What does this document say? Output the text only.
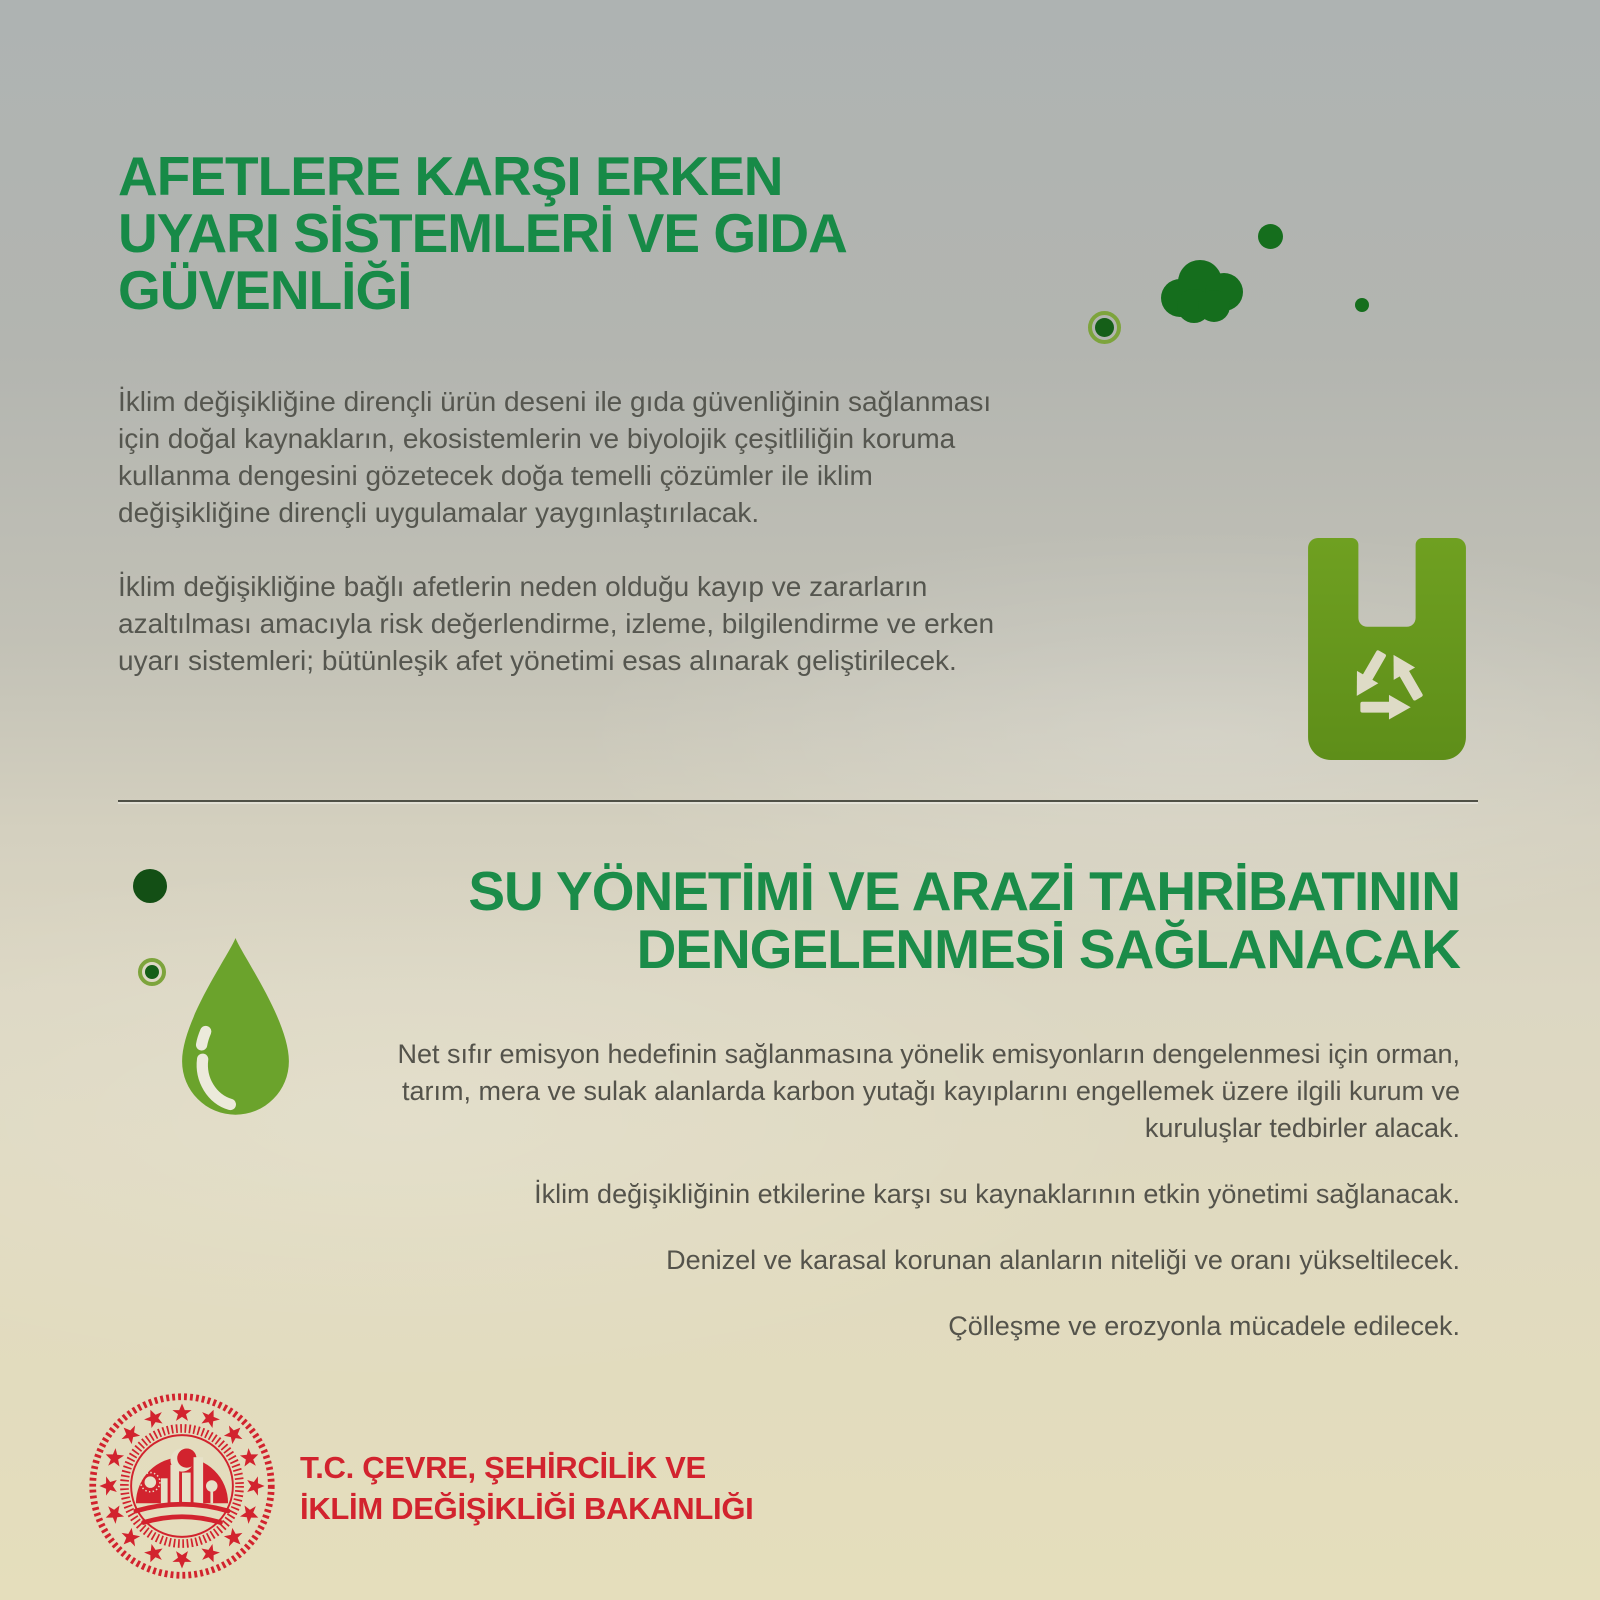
AFETLERE KARŞI ERKEN
UYARI SİSTEMLERİ VE GIDA
GÜVENLİĞİ
İklim değişikliğine dirençli ürün deseni ile gıda güvenliğinin sağlanması için doğal kaynakların, ekosistemlerin ve biyolojik çeşitliliğin koruma kullanma dengesini gözetecek doğa temelli çözümler ile iklim değişikliğine dirençli uygulamalar yaygınlaştırılacak.
İklim değişikliğine bağlı afetlerin neden olduğu kayıp ve zararların azaltılması amacıyla risk değerlendirme, izleme, bilgilendirme ve erken uyarı sistemleri; bütünleşik afet yönetimi esas alınarak geliştirilecek.
SU YÖNETİMİ VE ARAZİ TAHRİBATININ
DENGELENMESİ SAĞLANACAK

Net sıfır emisyon hedefinin sağlanmasına yönelik emisyonların dengelenmesi için orman, tarım, mera ve sulak alanlarda karbon yutağı kayıplarını engellemek üzere ilgili kurum ve kuruluşlar tedbirler alacak.

İklim değişikliğinin etkilerine karşı su kaynaklarının etkin yönetimi sağlanacak.

Denizel ve karasal korunan alanların niteliği ve oranı yükseltilecek.

Çölleşme ve erozyonla mücadele edilecek.

T.C. ÇEVRE, ŞEHİRCİLİK VE
İKLİM DEĞİŞİKLİĞİ BAKANLIĞI
